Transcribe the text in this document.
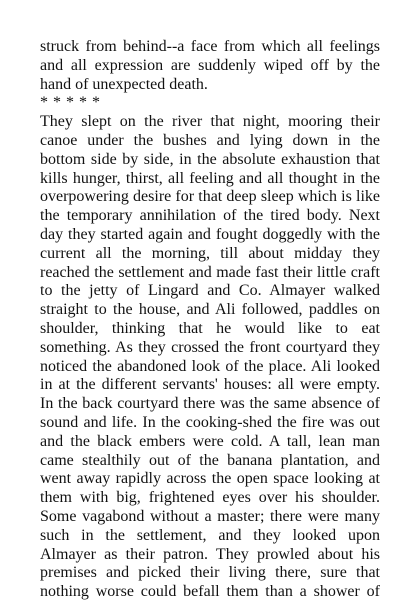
struck from behind--a face from which all feelings and all expression are suddenly wiped off by the hand of unexpected death.

* * * * *

They slept on the river that night, mooring their canoe under the bushes and lying down in the bottom side by side, in the absolute exhaustion that kills hunger, thirst, all feeling and all thought in the overpowering desire for that deep sleep which is like the temporary annihilation of the tired body. Next day they started again and fought doggedly with the current all the morning, till about midday they reached the settlement and made fast their little craft to the jetty of Lingard and Co. Almayer walked straight to the house, and Ali followed, paddles on shoulder, thinking that he would like to eat something. As they crossed the front courtyard they noticed the abandoned look of the place. Ali looked in at the different servants' houses: all were empty. In the back courtyard there was the same absence of sound and life. In the cooking-shed the fire was out and the black embers were cold. A tall, lean man came stealthily out of the banana plantation, and went away rapidly across the open space looking at them with big, frightened eyes over his shoulder. Some vagabond without a master; there were many such in the settlement, and they looked upon Almayer as their patron. They prowled about his premises and picked their living there, sure that nothing worse could befall them than a shower of
